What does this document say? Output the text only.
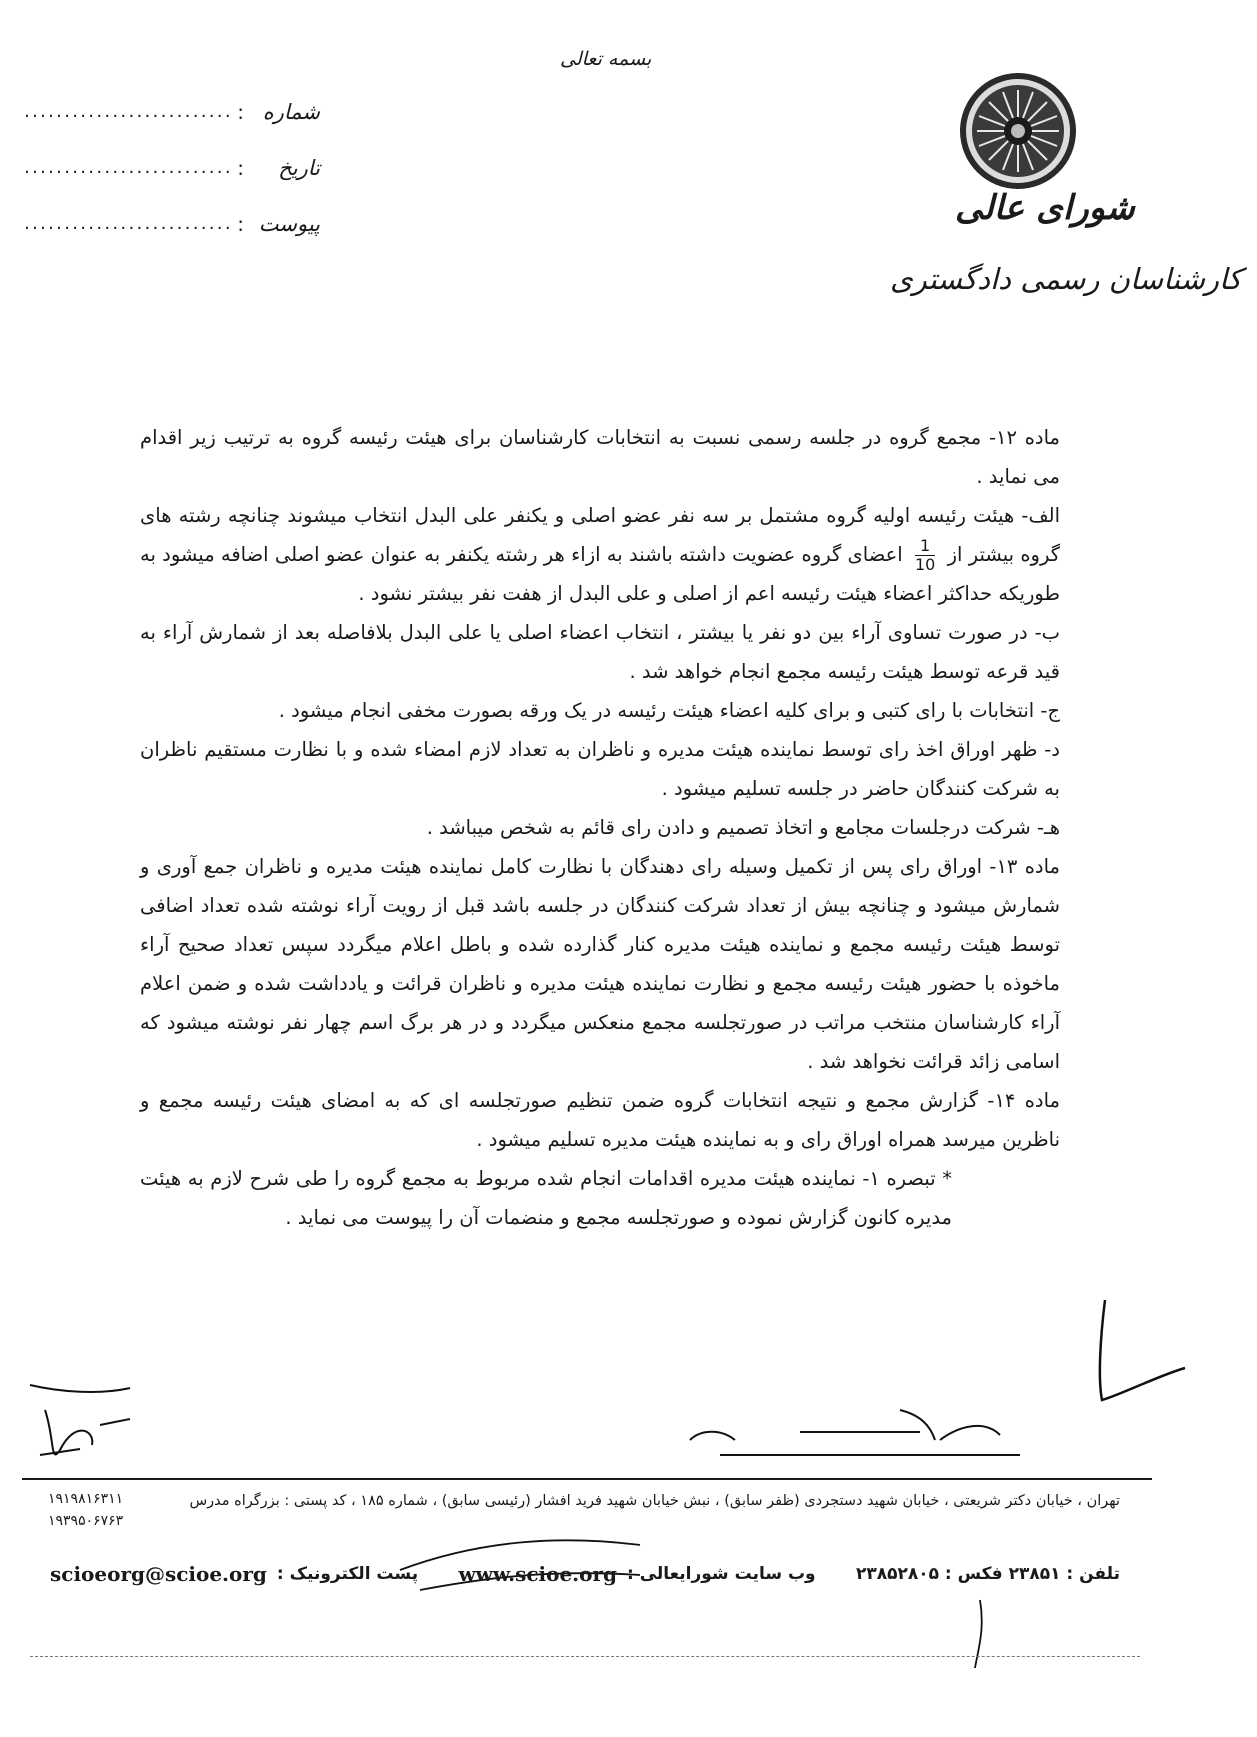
بسمه تعالی
شورای عالی
کارشناسان رسمی دادگستری
شماره
:
..........................
تاریخ
:
..........................
پیوست
:
..........................

ماده ۱۲- مجمع گروه در جلسه رسمی نسبت به انتخابات کارشناسان برای هیئت رئیسه گروه به ترتیب زیر اقدام می نماید .

الف- هیئت رئیسه اولیه گروه مشتمل بر سه نفر عضو اصلی و یکنفر علی البدل انتخاب میشوند چنانچه رشته های گروه بیشتر از
$\frac{1}{10}$
اعضای گروه عضویت داشته باشند به ازاء هر رشته یکنفر به عنوان عضو اصلی اضافه میشود به طوریکه حداکثر اعضاء هیئت رئیسه اعم از اصلی و علی البدل از هفت نفر بیشتر نشود .

ب- در صورت تساوی آراء بین دو نفر یا بیشتر ، انتخاب اعضاء اصلی یا علی البدل بلافاصله بعد از شمارش آراء به قید قرعه توسط هیئت رئیسه مجمع انجام خواهد شد .

ج- انتخابات با رای کتبی و برای کلیه اعضاء هیئت رئیسه در یک ورقه بصورت مخفی انجام میشود .

د- ظهر اوراق اخذ رای توسط نماینده هیئت مدیره و ناظران به تعداد لازم امضاء شده و با نظارت مستقیم ناظران به شرکت کنندگان حاضر در جلسه تسلیم میشود .

هـ- شرکت درجلسات مجامع و اتخاذ تصمیم و دادن رای قائم به شخص میباشد .

ماده ۱۳- اوراق رای پس از تکمیل وسیله رای دهندگان با نظارت کامل نماینده هیئت مدیره و ناظران جمع آوری و شمارش میشود و چنانچه بیش از تعداد شرکت کنندگان در جلسه باشد قبل از رویت آراء نوشته شده تعداد اضافی توسط هیئت رئیسه مجمع و نماینده هیئت مدیره کنار گذارده شده و باطل اعلام میگردد سپس تعداد صحیح آراء ماخوذه با حضور هیئت رئیسه مجمع و نظارت نماینده هیئت مدیره و ناظران قرائت و یادداشت شده و ضمن اعلام آراء کارشناسان منتخب مراتب در صورتجلسه مجمع منعکس میگردد و در هر برگ اسم چهار نفر نوشته میشود که اسامی زائد قرائت نخواهد شد .

ماده ۱۴- گزارش مجمع و نتیجه انتخابات گروه ضمن تنظیم صورتجلسه ای که به امضای هیئت رئیسه مجمع و ناظرین میرسد همراه اوراق رای و به نماینده هیئت مدیره تسلیم میشود .

* تبصره ۱- نماینده هیئت مدیره اقدامات انجام شده مربوط به مجمع گروه را طی شرح لازم به هیئت مدیره کانون گزارش نموده و صورتجلسه مجمع و منضمات آن را پیوست می نماید .

تهران ، خیابان دکتر شریعتی ، خیابان شهید دستجردی (ظفر سابق) ، نبش خیابان شهید فرید افشار (رئیسی سابق) ، شماره ۱۸۵ ، کد پستی : بزرگراه مدرس
۱۹۱۹۸۱۶۳۱۱
۱۹۳۹۵۰۶۷۶۳
پست الکترونیک :
scioeorg@scioe.org	وب سایت شورایعالی :
www.scioe.org	تلفن : ۲۳۸۵۱ فکس : ۲۳۸۵۲۸۰۵
